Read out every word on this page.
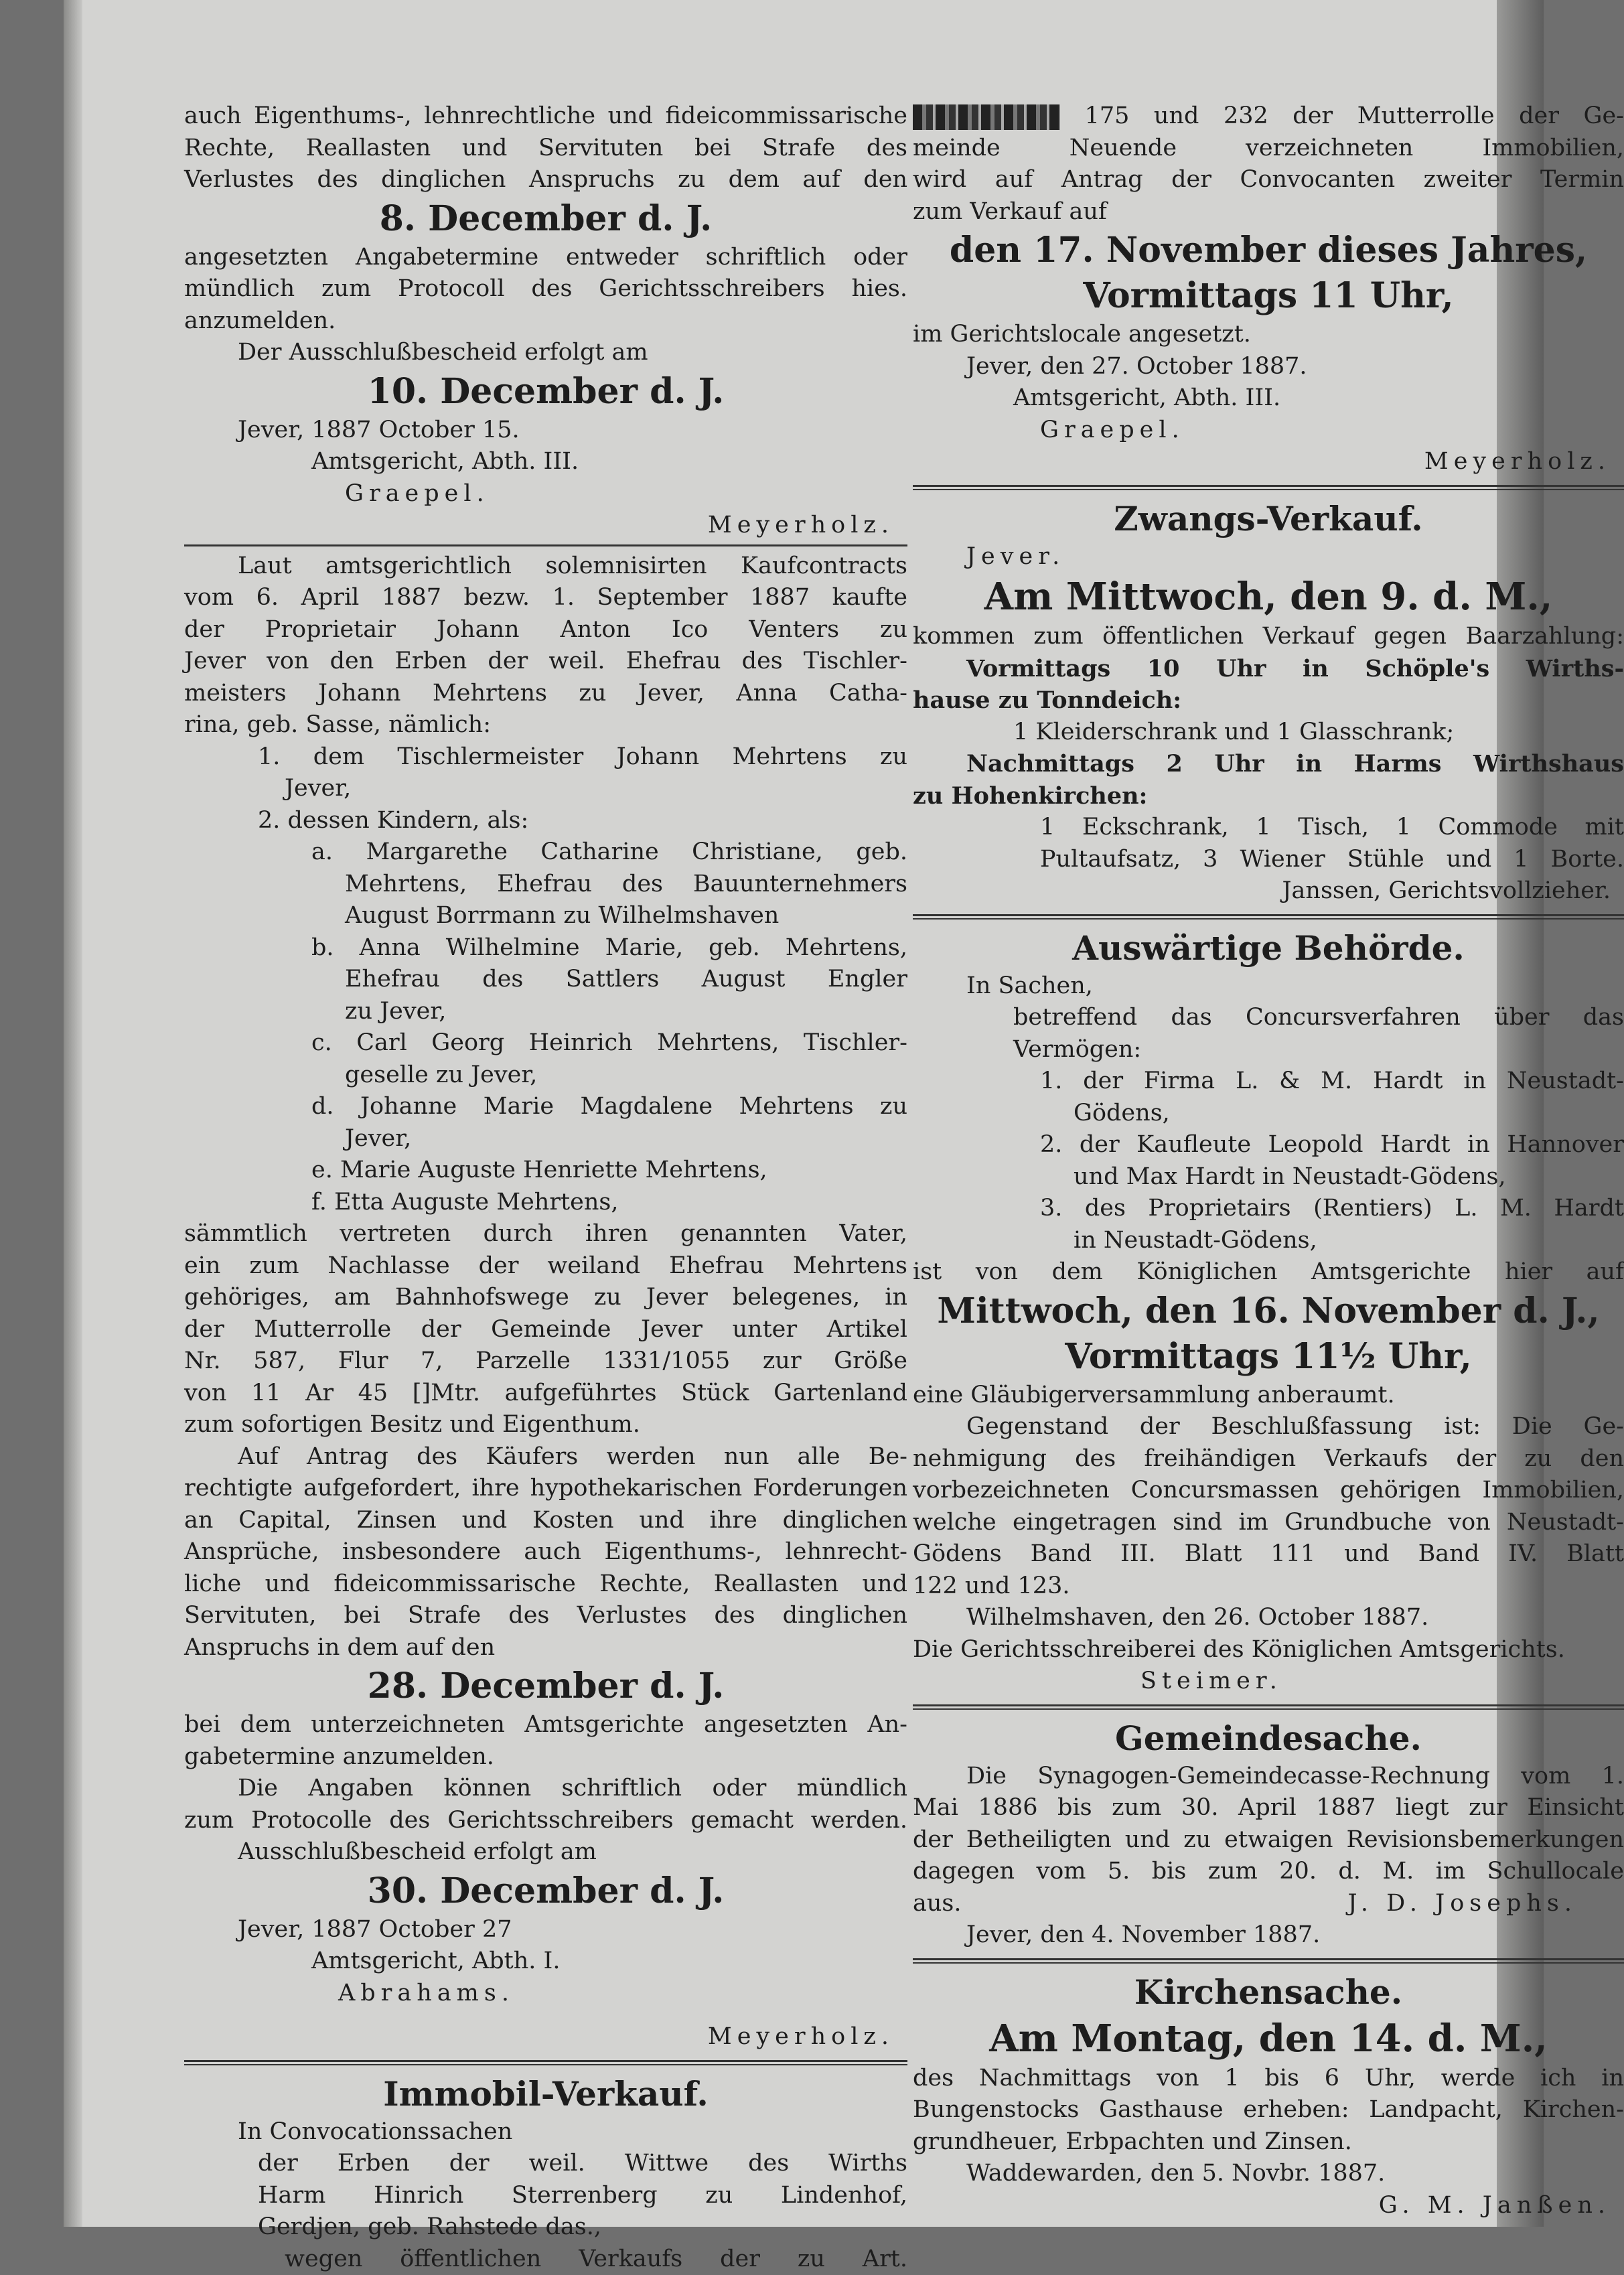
auch Eigenthums-, lehnrechtliche und fideicommissarische
Rechte, Reallasten und Servituten bei Strafe des
Verlustes des dinglichen Anspruchs zu dem auf den
8. December d. J.
angesetzten Angabetermine entweder schriftlich oder
mündlich zum Protocoll des Gerichtsschreibers hies.
anzumelden.
Der Ausschlußbescheid erfolgt am
10. December d. J.
Jever, 1887 October 15.
Amtsgericht, Abth. III.
Graepel.
Meyerholz.
Laut amtsgerichtlich solemnisirten Kaufcontracts
vom 6. April 1887 bezw. 1. September 1887 kaufte
der Proprietair Johann Anton Ico Venters zu
Jever von den Erben der weil. Ehefrau des Tischler-
meisters Johann Mehrtens zu Jever, Anna Catha-
rina, geb. Sasse, nämlich:
1. dem Tischlermeister Johann Mehrtens zu
Jever,
2. dessen Kindern, als:
a. Margarethe Catharine Christiane, geb.
Mehrtens, Ehefrau des Bauunternehmers
August Borrmann zu Wilhelmshaven
b. Anna Wilhelmine Marie, geb. Mehrtens,
Ehefrau des Sattlers August Engler
zu Jever,
c. Carl Georg Heinrich Mehrtens, Tischler-
geselle zu Jever,
d. Johanne Marie Magdalene Mehrtens zu
Jever,
e. Marie Auguste Henriette Mehrtens,
f. Etta Auguste Mehrtens,
sämmtlich vertreten durch ihren genannten Vater,
ein zum Nachlasse der weiland Ehefrau Mehrtens
gehöriges, am Bahnhofswege zu Jever belegenes, in
der Mutterrolle der Gemeinde Jever unter Artikel
Nr. 587, Flur 7, Parzelle 1331/1055 zur Größe
von 11 Ar 45 []Mtr. aufgeführtes Stück Gartenland
zum sofortigen Besitz und Eigenthum.
Auf Antrag des Käufers werden nun alle Be-
rechtigte aufgefordert, ihre hypothekarischen Forderungen
an Capital, Zinsen und Kosten und ihre dinglichen
Ansprüche, insbesondere auch Eigenthums-, lehnrecht-
liche und fideicommissarische Rechte, Reallasten und
Servituten, bei Strafe des Verlustes des dinglichen
Anspruchs in dem auf den
28. December d. J.
bei dem unterzeichneten Amtsgerichte angesetzten An-
gabetermine anzumelden.
Die Angaben können schriftlich oder mündlich
zum Protocolle des Gerichtsschreibers gemacht werden.
Ausschlußbescheid erfolgt am
30. December d. J.
Jever, 1887 October 27
Amtsgericht, Abth. I.
Abrahams.
Meyerholz.
Immobil-Verkauf.
In Convocationssachen
der Erben der weil. Wittwe des Wirths
Harm Hinrich Sterrenberg zu Lindenhof,
Gerdjen, geb. Rahstede das.,
wegen öffentlichen Verkaufs der zu Art.
175 und 232 der Mutterrolle der Ge-
meinde Neuende verzeichneten Immobilien,
wird auf Antrag der Convocanten zweiter Termin
zum Verkauf auf
den 17. November dieses Jahres,
Vormittags 11 Uhr,
im Gerichtslocale angesetzt.
Jever, den 27. October 1887.
Amtsgericht, Abth. III.
Graepel.
Meyerholz.
Zwangs-Verkauf.
Jever.
Am Mittwoch, den 9. d. M.,
kommen zum öffentlichen Verkauf gegen Baarzahlung:
Vormittags 10 Uhr in Schöple's Wirths-
hause zu Tonndeich:
1 Kleiderschrank und 1 Glasschrank;
Nachmittags 2 Uhr in Harms Wirthshaus
zu Hohenkirchen:
1 Eckschrank, 1 Tisch, 1 Commode mit
Pultaufsatz, 3 Wiener Stühle und 1 Borte.
Janssen, Gerichtsvollzieher.
Auswärtige Behörde.
In Sachen,
betreffend das Concursverfahren über das
Vermögen:
1. der Firma L. & M. Hardt in Neustadt-
Gödens,
2. der Kaufleute Leopold Hardt in Hannover
und Max Hardt in Neustadt-Gödens,
3. des Proprietairs (Rentiers) L. M. Hardt
in Neustadt-Gödens,
ist von dem Königlichen Amtsgerichte hier auf
Mittwoch, den 16. November d. J.,
Vormittags 11½ Uhr,
eine Gläubigerversammlung anberaumt.
Gegenstand der Beschlußfassung ist: Die Ge-
nehmigung des freihändigen Verkaufs der zu den
vorbezeichneten Concursmassen gehörigen Immobilien,
welche eingetragen sind im Grundbuche von Neustadt-
Gödens Band III. Blatt 111 und Band IV. Blatt
122 und 123.
Wilhelmshaven, den 26. October 1887.
Die Gerichtsschreiberei des Königlichen Amtsgerichts.
Steimer.
Gemeindesache.
Die Synagogen-Gemeindecasse-Rechnung vom 1.
Mai 1886 bis zum 30. April 1887 liegt zur Einsicht
der Betheiligten und zu etwaigen Revisionsbemerkungen
dagegen vom 5. bis zum 20. d. M. im Schullocale
aus.	J. D. Josephs.
Jever, den 4. November 1887.
Kirchensache.
Am Montag, den 14. d. M.,
des Nachmittags von 1 bis 6 Uhr, werde ich in
Bungenstocks Gasthause erheben: Landpacht, Kirchen-
grundheuer, Erbpachten und Zinsen.
Waddewarden, den 5. Novbr. 1887.
G. M. Janßen.
